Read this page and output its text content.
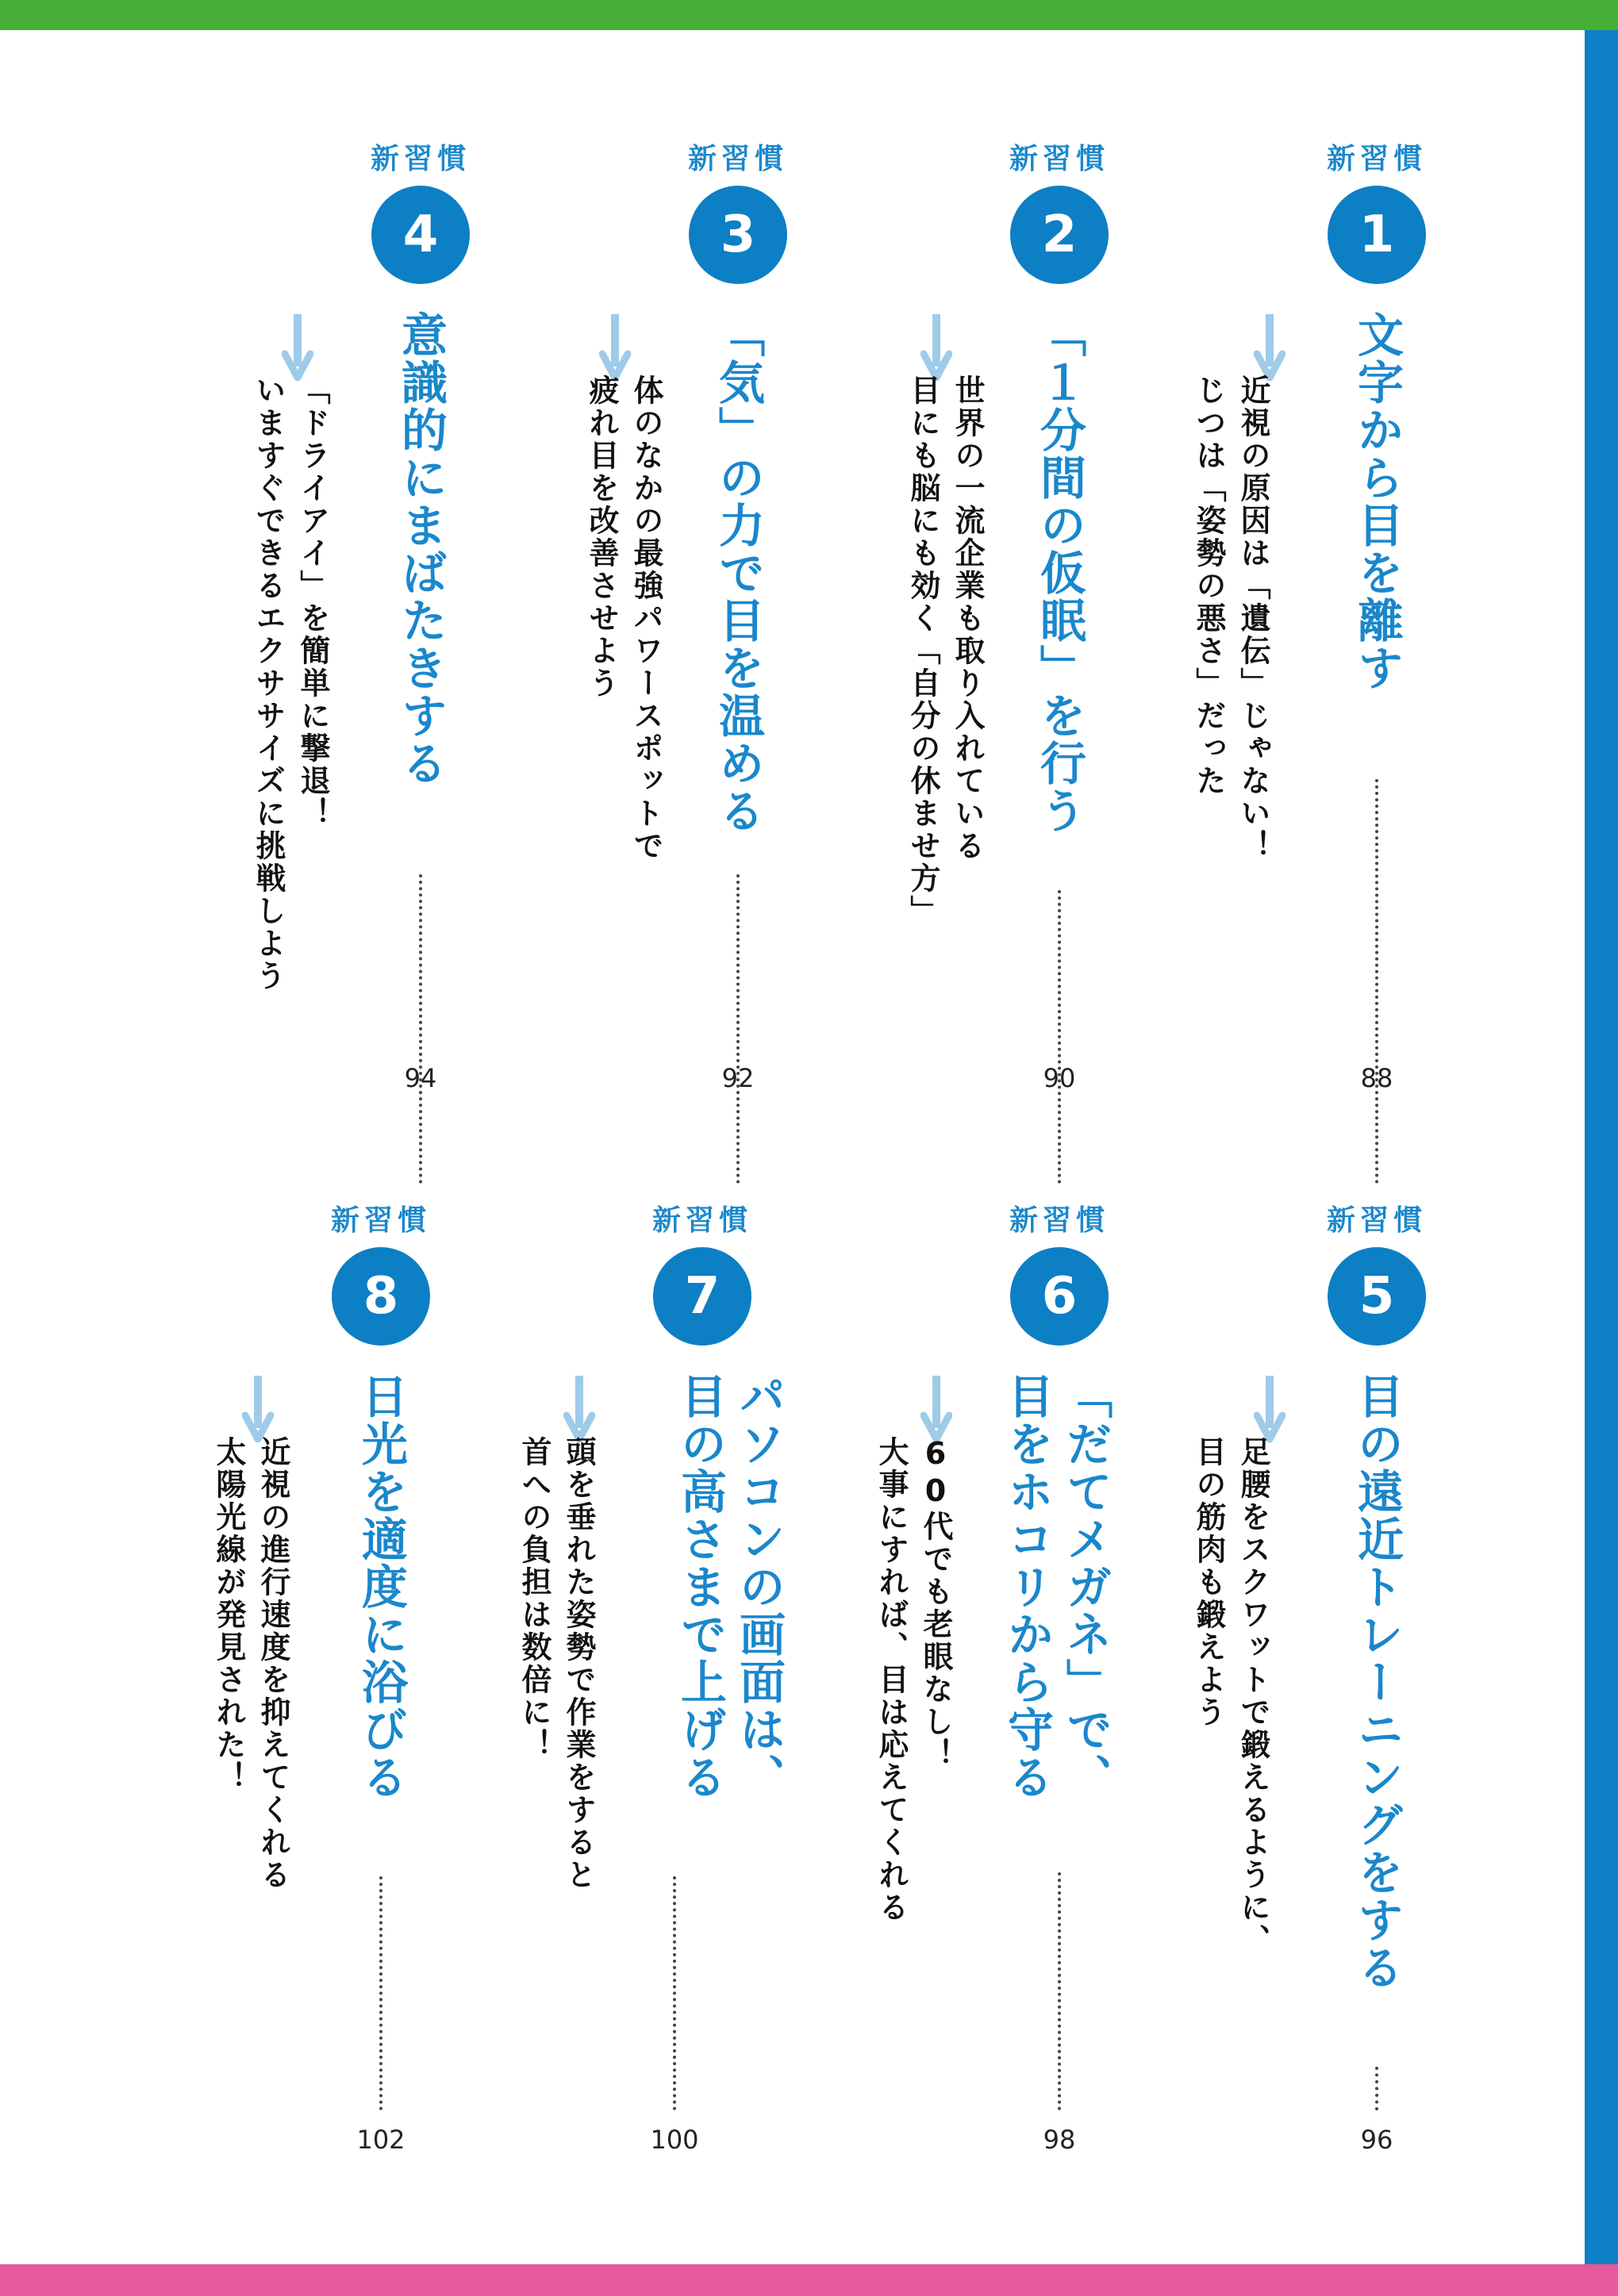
新習慣
1
文字から目を離す
88
近視の原因は「遺伝」じゃない！
じつは「姿勢の悪さ」だった
新習慣
2
「１分間の仮眠」を行う
90
世界の一流企業も取り入れている
目にも脳にも効く「自分の休ませ方」
新習慣
3
「気」の力で目を温める
92
体のなかの最強パワースポットで
疲れ目を改善させよう
新習慣
4
意識的にまばたきする
94
「ドライアイ」を簡単に撃退！
いますぐできるエクササイズに挑戦しよう
新習慣
5
目の遠近トレーニングをする
96
足腰をスクワットで鍛えるように、
目の筋肉も鍛えよう
新習慣
6
「だてメガネ」で、
目をホコリから守る
98
60代でも老眼なし！
大事にすれば、目は応えてくれる
新習慣
7
パソコンの画面は、
目の高さまで上げる
100
頭を垂れた姿勢で作業をすると
首への負担は数倍に！
新習慣
8
日光を適度に浴びる
102
近視の進行速度を抑えてくれる
太陽光線が発見された！
